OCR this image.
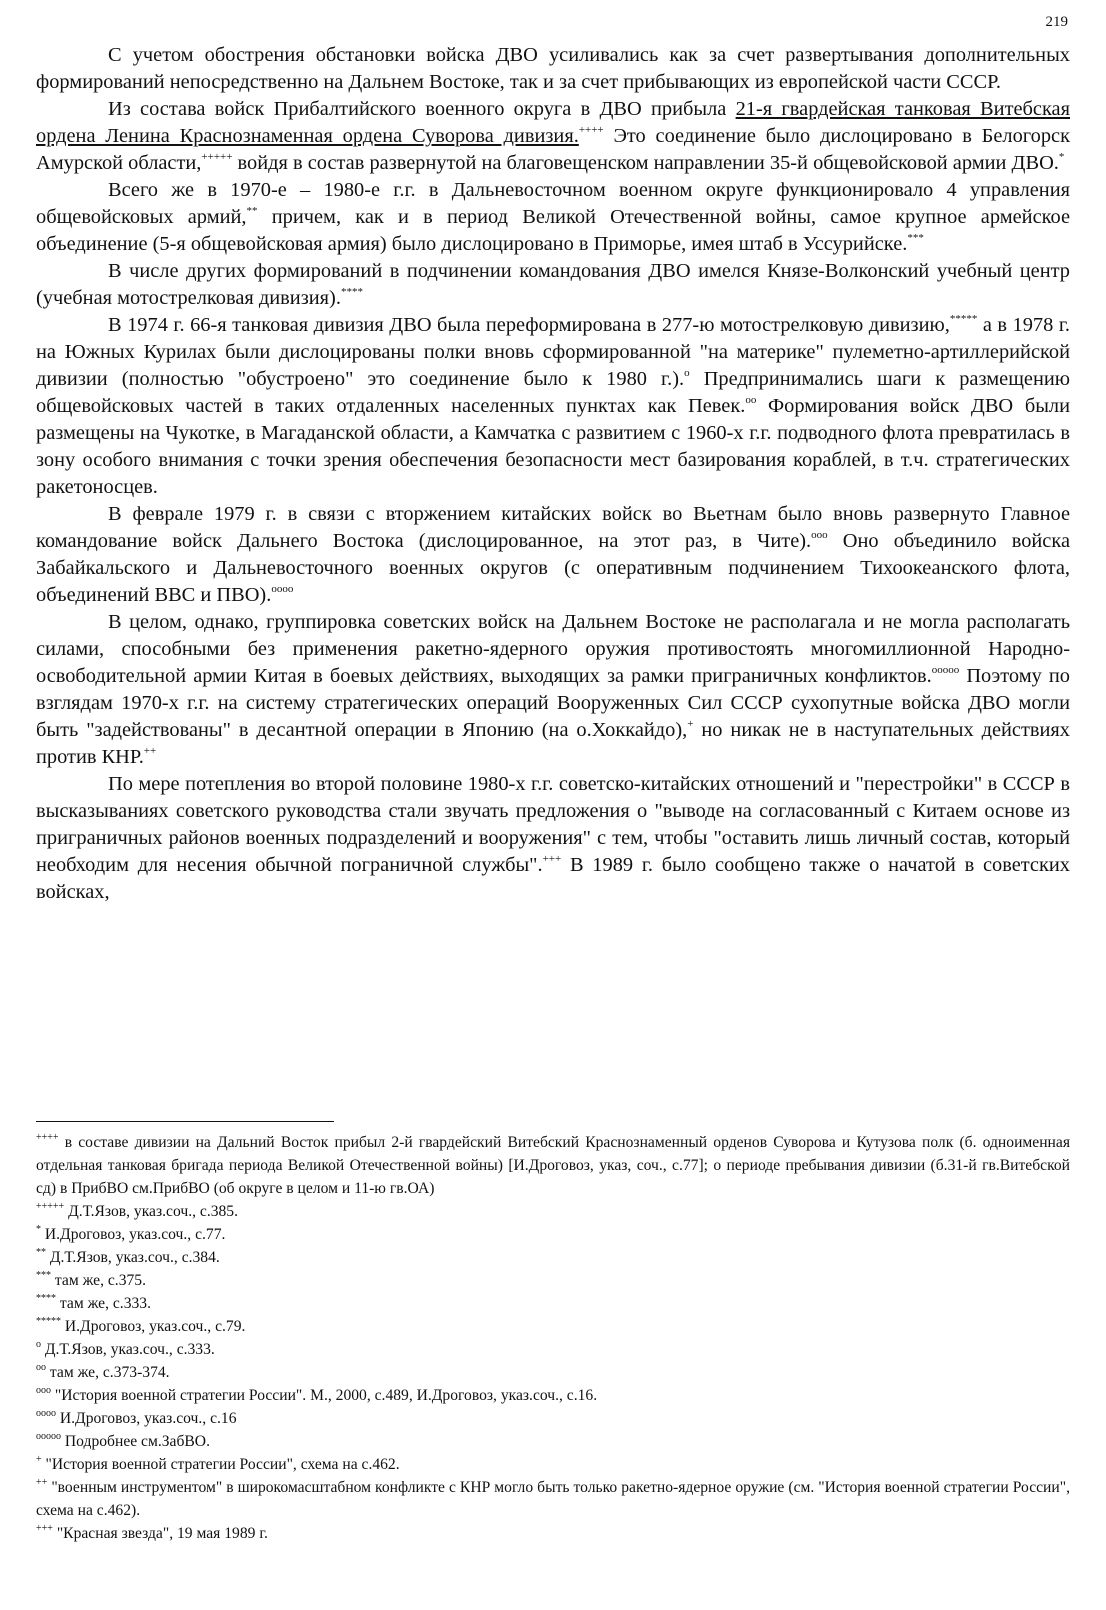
219

С учетом обострения обстановки войска ДВО усиливались как за счет развертывания дополнительных формирований непосредственно на Дальнем Востоке, так и за счет прибывающих из европейской части СССР.

Из состава войск Прибалтийского военного округа в ДВО прибыла 21-я гвардейская танковая Витебская ордена Ленина Краснознаменная ордена Суворова дивизия.++++ Это соединение было дислоцировано в Белогорск Амурской области,+++++ войдя в состав развернутой на благовещенском направлении 35-й общевойсковой армии ДВО.*

Всего же в 1970-е – 1980-е г.г. в Дальневосточном военном округе функционировало 4 управления общевойсковых армий,** причем, как и в период Великой Отечественной войны, самое крупное армейское объединение (5-я общевойсковая армия) было дислоцировано в Приморье, имея штаб в Уссурийске.***

В числе других формирований в подчинении командования ДВО имелся Князе-Волконский учебный центр (учебная мотострелковая дивизия).****

В 1974 г. 66-я танковая дивизия ДВО была переформирована в 277-ю мотострелковую дивизию,***** а в 1978 г. на Южных Курилах были дислоцированы полки вновь сформированной "на материке" пулеметно-артиллерийской дивизии (полностью "обустроено" это соединение было к 1980 г.).$^o$ Предпринимались шаги к размещению общевойсковых частей в таких отдаленных населенных пунктах как Певек.$^{oo}$ Формирования войск ДВО были размещены на Чукотке, в Магаданской области, а Камчатка с развитием с 1960-х г.г. подводного флота превратилась в зону особого внимания с точки зрения обеспечения безопасности мест базирования кораблей, в т.ч. стратегических ракетоносцев.

В феврале 1979 г. в связи с вторжением китайских войск во Вьетнам было вновь развернуто Главное командование войск Дальнего Востока (дислоцированное, на этот раз, в Чите).$^{ooo}$ Оно объединило войска Забайкальского и Дальневосточного военных округов (с оперативным подчинением Тихоокеанского флота, объединений ВВС и ПВО).$^{oooo}$

В целом, однако, группировка советских войск на Дальнем Востоке не располагала и не могла располагать силами, способными без применения ракетно-ядерного оружия противостоять многомиллионной Народно-освободительной армии Китая в боевых действиях, выходящих за рамки приграничных конфликтов.$^{ooooo}$ Поэтому по взглядам 1970-х г.г. на систему стратегических операций Вооруженных Сил СССР сухопутные войска ДВО могли быть "задействованы" в десантной операции в Японию (на о.Хоккайдо),+ но никак не в наступательных действиях против КНР.++

По мере потепления во второй половине 1980-х г.г. советско-китайских отношений и "перестройки" в СССР в высказываниях советского руководства стали звучать предложения о "выводе на согласованный с Китаем основе из приграничных районов военных подразделений и вооружения" с тем, чтобы "оставить лишь личный состав, который необходим для несения обычной пограничной службы".+++ В 1989 г. было сообщено также о начатой в советских войсках,

++++ в составе дивизии на Дальний Восток прибыл 2-й гвардейский Витебский Краснознаменный орденов Суворова и Кутузова полк (б. одноименная отдельная танковая бригада периода Великой Отечественной войны) [И.Дроговоз, указ, соч., с.77]; о периоде пребывания дивизии (б.31-й гв.Витебской сд) в ПрибВО см.ПрибВО (об округе в целом и 11-ю гв.ОА)
+++++ Д.Т.Язов, указ.соч., с.385.
* И.Дроговоз, указ.соч., с.77.
** Д.Т.Язов, указ.соч., с.384.
*** там же, с.375.
**** там же, с.333.
***** И.Дроговоз, указ.соч., с.79.
$^o$ Д.Т.Язов, указ.соч., с.333.
$^{oo}$ там же, с.373-374.
$^{ooo}$ "История военной стратегии России". М., 2000, с.489, И.Дроговоз, указ.соч., с.16.
$^{oooo}$ И.Дроговоз, указ.соч., с.16
$^{ooooo}$ Подробнее см.ЗабВО.
+ "История военной стратегии России", схема на с.462.
++ "военным инструментом" в широкомасштабном конфликте с КНР могло быть только ракетно-ядерное оружие (см. "История военной стратегии России", схема на с.462).
+++ "Красная звезда", 19 мая 1989 г.
